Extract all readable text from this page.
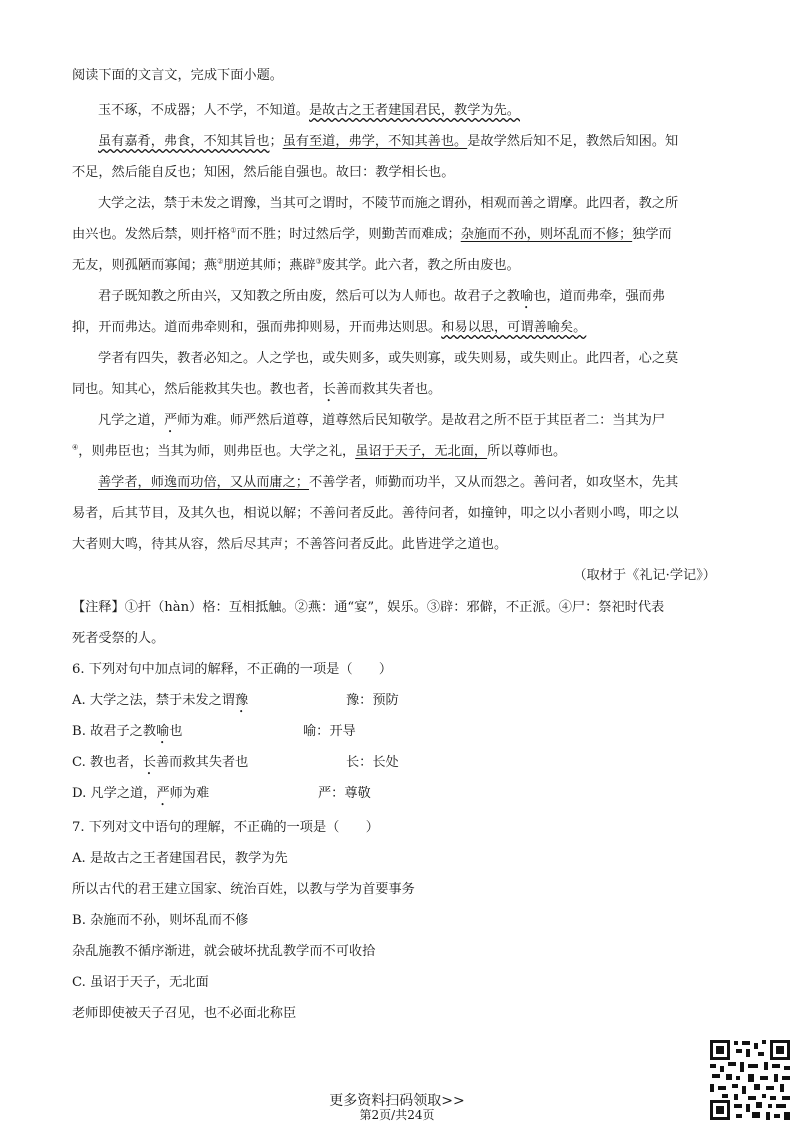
阅读下面的文言文，完成下面小题。
玉不琢，不成器；人不学，不知道。是故古之王者建国君民，教学为先。
虽有嘉肴，弗食，不知其旨也；虽有至道，弗学，不知其善也。是故学然后知不足，教然后知困。知
不足，然后能自反也；知困，然后能自强也。故曰：教学相长也。
大学之法，禁于未发之谓豫，当其可之谓时，不陵节而施之谓孙，相观而善之谓摩。此四者，教之所
由兴也。发然后禁，则扞格①而不胜；时过然后学，则勤苦而难成；杂施而不孙，则坏乱而不修；独学而
无友，则孤陋而寡闻；燕②朋逆其师；燕辟③废其学。此六者，教之所由废也。
君子既知教之所由兴，又知教之所由废，然后可以为人师也。故君子之教喻也，道而弗牵，强而弗
抑，开而弗达。道而弗牵则和，强而弗抑则易，开而弗达则思。和易以思，可谓善喻矣。
学者有四失，教者必知之。人之学也，或失则多，或失则寡，或失则易，或失则止。此四者，心之莫
同也。知其心，然后能救其失也。教也者，长善而救其失者也。
凡学之道，严师为难。师严然后道尊，道尊然后民知敬学。是故君之所不臣于其臣者二：当其为尸
④，则弗臣也；当其为师，则弗臣也。大学之礼，虽诏于天子，无北面，所以尊师也。
善学者，师逸而功倍，又从而庸之；不善学者，师勤而功半，又从而怨之。善问者，如攻坚木，先其
易者，后其节目，及其久也，相说以解；不善问者反此。善待问者，如撞钟，叩之以小者则小鸣，叩之以
大者则大鸣，待其从容，然后尽其声；不善答问者反此。此皆进学之道也。
（取材于《礼记·学记》）
【注释】①扞（hàn）格：互相抵触。②燕：通“宴”，娱乐。③辟：邪僻，不正派。④尸：祭祀时代表
死者受祭的人。
6. 下列对句中加点词的解释，不正确的一项是（　　）
A. 大学之法，禁于未发之谓豫	豫：预防
B. 故君子之教喻也	喻：开导
C. 教也者，长善而救其失者也	长：长处
D. 凡学之道，严师为难	严：尊敬
7. 下列对文中语句的理解，不正确的一项是（　　）
A. 是故古之王者建国君民，教学为先
所以古代的君王建立国家、统治百姓，以教与学为首要事务
B. 杂施而不孙，则坏乱而不修
杂乱施教不循序渐进，就会破坏扰乱教学而不可收拾
C. 虽诏于天子，无北面
老师即使被天子召见，也不必面北称臣
更多资料扫码领取>>
第2页/共24页
